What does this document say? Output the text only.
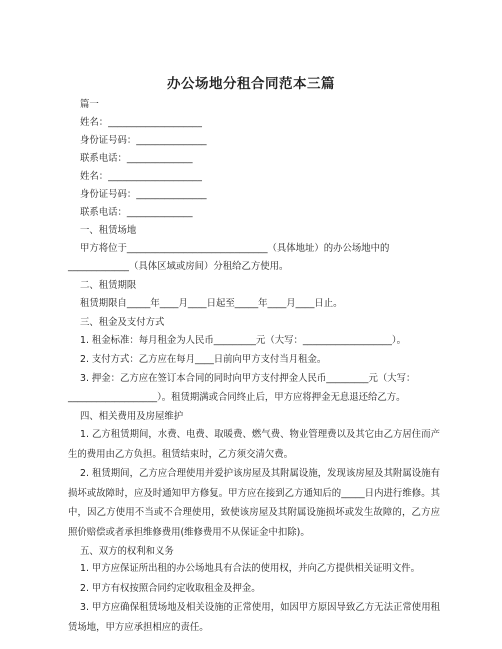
办公场地分租合同范本三篇
篇一
姓名：____________________
身份证号码：_______________
联系电话：______________
姓名：____________________
身份证号码：_______________
联系电话：______________
一、租赁场地
甲方将位于______________________________（具体地址）的办公场地中的
_____________（具体区域或房间）分租给乙方使用。
二、租赁期限
租赁期限自_____年____月____日起至_____年____月____日止。
三、租金及支付方式
1. 租金标准：每月租金为人民币_________元（大写：___________________）。
2. 支付方式：乙方应在每月____日前向甲方支付当月租金。
3. 押金：乙方应在签订本合同的同时向甲方支付押金人民币_________元（大写：
___________________）。租赁期满或合同终止后，甲方应将押金无息退还给乙方。
四、相关费用及房屋维护

1. 乙方租赁期间，水费、电费、取暖费、燃气费、物业管理费以及其它由乙方居住而产生的费用由乙方负担。租赁结束时，乙方须交清欠费。

2. 租赁期间，乙方应合理使用并爱护该房屋及其附属设施，发现该房屋及其附属设施有损坏或故障时，应及时通知甲方修复。甲方应在接到乙方通知后的_____日内进行维修。其中，因乙方使用不当或不合理使用，致使该房屋及其附属设施损坏或发生故障的，乙方应照价赔偿或者承担维修费用(维修费用不从保证金中扣除)。

五、双方的权利和义务

1. 甲方应保证所出租的办公场地具有合法的使用权，并向乙方提供相关证明文件。

2. 甲方有权按照合同约定收取租金及押金。

3. 甲方应确保租赁场地及相关设施的正常使用，如因甲方原因导致乙方无法正常使用租赁场地，甲方应承担相应的责任。
